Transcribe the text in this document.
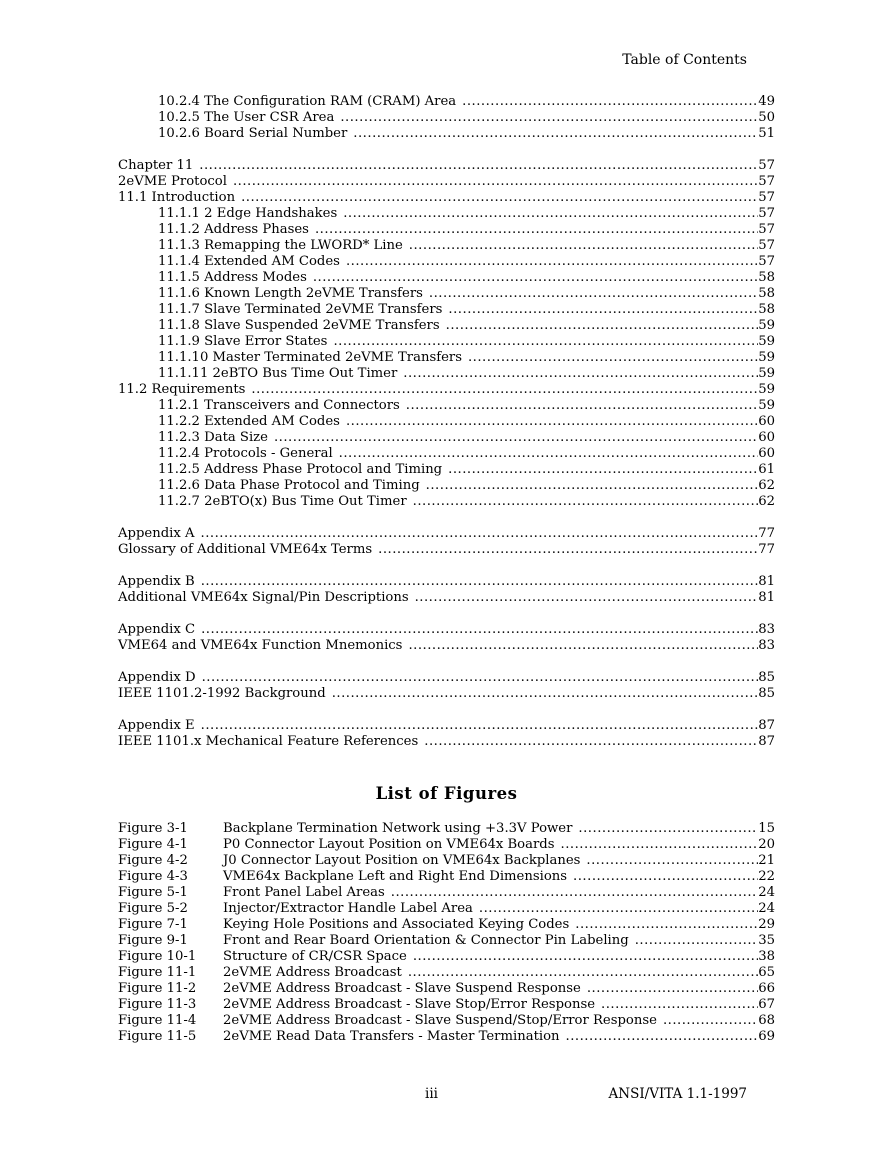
Table of Contents
10.2.4 The Configuration RAM (CRAM) Area .....	49
10.2.5 The User CSR Area .....	50
10.2.6 Board Serial Number .....	51
Chapter 11 .....	57
2eVME Protocol .....	57
11.1 Introduction .....	57
11.1.1 2 Edge Handshakes .....	57
11.1.2 Address Phases .....	57
11.1.3 Remapping the LWORD* Line .....	57
11.1.4 Extended AM Codes .....	57
11.1.5 Address Modes .....	58
11.1.6 Known Length 2eVME Transfers .....	58
11.1.7 Slave Terminated 2eVME Transfers .....	58
11.1.8 Slave Suspended 2eVME Transfers .....	59
11.1.9 Slave Error States .....	59
11.1.10 Master Terminated 2eVME Transfers .....	59
11.1.11 2eBTO Bus Time Out Timer .....	59
11.2 Requirements .....	59
11.2.1 Transceivers and Connectors .....	59
11.2.2 Extended AM Codes .....	60
11.2.3 Data Size .....	60
11.2.4 Protocols - General .....	60
11.2.5 Address Phase Protocol and Timing .....	61
11.2.6 Data Phase Protocol and Timing .....	62
11.2.7 2eBTO(x) Bus Time Out Timer .....	62
Appendix A .....	77
Glossary of Additional VME64x Terms .....	77
Appendix B .....	81
Additional VME64x Signal/Pin Descriptions .....	81
Appendix C .....	83
VME64 and VME64x Function Mnemonics .....	83
Appendix D .....	85
IEEE 1101.2-1992 Background .....	85
Appendix E .....	87
IEEE 1101.x Mechanical Feature References .....	87
List of Figures
Figure 3-1	Backplane Termination Network using +3.3V Power .....	15
Figure 4-1	P0 Connector Layout Position on VME64x Boards .....	20
Figure 4-2	J0 Connector Layout Position on VME64x Backplanes .....	21
Figure 4-3	VME64x Backplane Left and Right End Dimensions .....	22
Figure 5-1	Front Panel Label Areas .....	24
Figure 5-2	Injector/Extractor Handle Label Area .....	24
Figure 7-1	Keying Hole Positions and Associated Keying Codes .....	29
Figure 9-1	Front and Rear Board Orientation & Connector Pin Labeling .....	35
Figure 10-1	Structure of CR/CSR Space .....	38
Figure 11-1	2eVME Address Broadcast .....	65
Figure 11-2	2eVME Address Broadcast - Slave Suspend Response .....	66
Figure 11-3	2eVME Address Broadcast - Slave Stop/Error Response .....	67
Figure 11-4	2eVME Address Broadcast - Slave Suspend/Stop/Error Response .....	68
Figure 11-5	2eVME Read Data Transfers - Master Termination .....	69
iii	ANSI/VITA 1.1-1997
